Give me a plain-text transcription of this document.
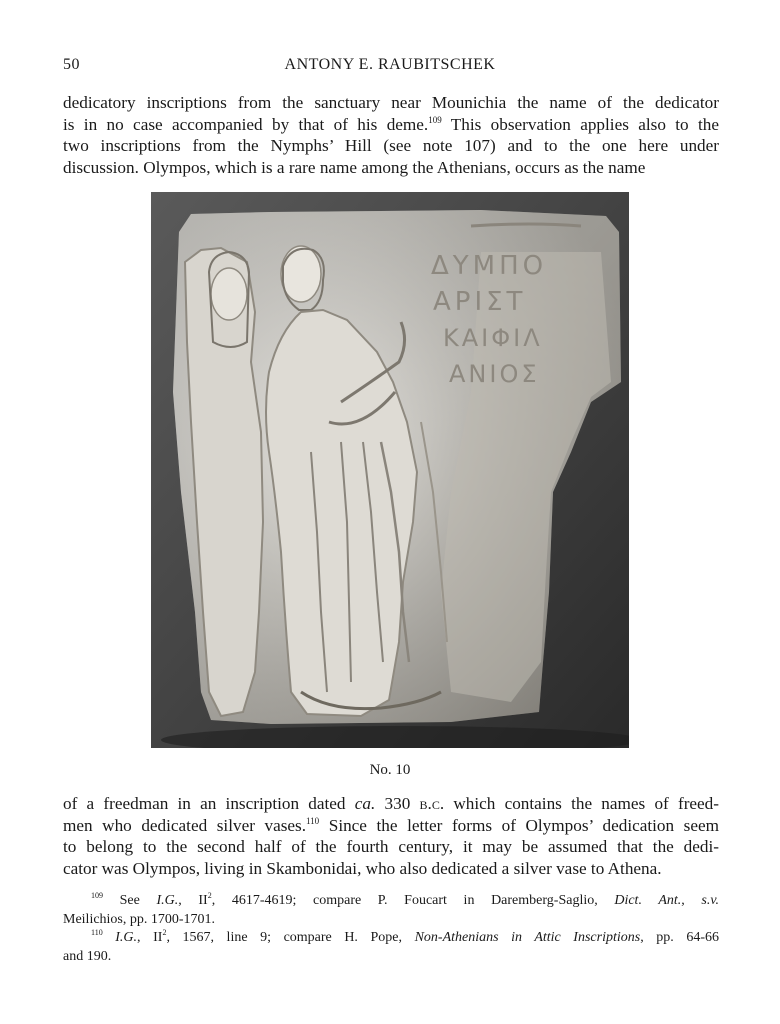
50	ANTONY E. RAUBITSCHEK
dedicatory inscriptions from the sanctuary near Mounichia the name of the dedicator
is in no case accompanied by that of his deme.$^{109}$ This observation applies also to the
two inscriptions from the Nymphs’ Hill (see note 107) and to the one here under
discussion. Olympos, which is a rare name among the Athenians, occurs as the name
ΔΥΜΠΟ
ΑΡΙΣΤ
ΚΑΙΦΙΛ
ΑΝΙΟΣ
No. 10
of a freedman in an inscription dated ca. 330 b.c. which contains the names of freed-
men who dedicated silver vases.$^{110}$ Since the letter forms of Olympos’ dedication seem
to belong to the second half of the fourth century, it may be assumed that the dedi-
cator was Olympos, living in Skambonidai, who also dedicated a silver vase to Athena.
$^{109}$ See I.G., $II^2$, 4617-4619; compare P. Foucart in Daremberg-Saglio, Dict. Ant., s.v.
Meilichios, pp. 1700-1701.
$^{110}$ I.G., $II^2$, 1567, line 9; compare H. Pope, Non-Athenians in Attic Inscriptions, pp. 64-66
and 190.
